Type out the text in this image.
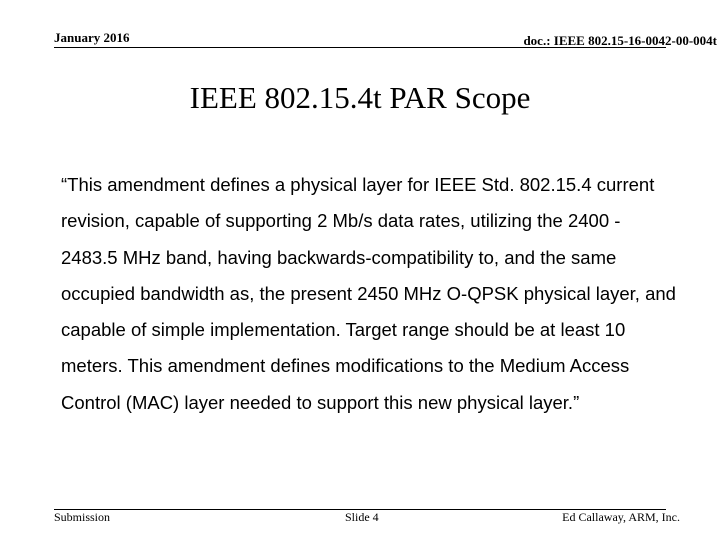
January 2016	doc.: IEEE 802.15-16-0042-00-004t
IEEE 802.15.4t PAR Scope

“This amendment defines a physical layer for IEEE Std. 802.15.4 current revision, capable of supporting 2 Mb/s data rates, utilizing the 2400 - 2483.5 MHz band, having backwards-compatibility to, and the same occupied bandwidth as, the present 2450 MHz O-QPSK physical layer, and capable of simple implementation. Target range should be at least 10 meters. This amendment defines modifications to the Medium Access Control (MAC) layer needed to support this new physical layer.”

Submission	Slide 4	Ed Callaway, ARM, Inc.
